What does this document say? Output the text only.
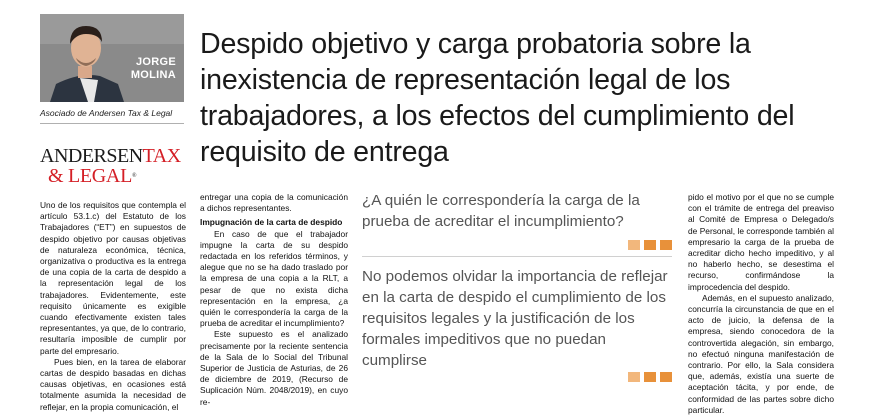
JORGE
MOLINA
Asociado de Andersen Tax & Legal
ANDERSENTAX
& LEGAL®
Despido objetivo y carga probatoria sobre la inexistencia de representación legal de los trabajadores, a los efectos del cumplimiento del requisito de entrega

Uno de los requisitos que contempla el artículo 53.1.c) del Estatuto de los Trabajadores (“ET”) en supuestos de despido objetivo por causas objetivas de naturaleza económica, técnica, organizativa o productiva es la entrega de una copia de la carta de despido a la representación legal de los trabajadores. Evidentemente, este requisito únicamente es exigible cuando efectivamente existen tales representantes, ya que, de lo contrario, resultaría imposible de cumplir por parte del empresario.

Pues bien, en la tarea de elaborar cartas de despido basadas en dichas causas objetivas, en ocasiones está totalmente asumida la necesidad de reflejar, en la propia comunicación, el

entregar una copia de la comunicación a dichos representantes.

Impugnación de la carta de despido

En caso de que el trabajador impugne la carta de su despido redactada en los referidos términos, y alegue que no se ha dado traslado por la empresa de una copia a la RLT, a pesar de que no exista dicha representación en la empresa, ¿a quién le correspondería la carga de la prueba de acreditar el incumplimiento?

Este supuesto es el analizado precisamente por la reciente sentencia de la Sala de lo Social del Tribunal Superior de Justicia de Asturias, de 26 de diciembre de 2019, (Recurso de Suplicación Núm. 2048/2019), en cuyo re-

¿A quién le correspondería la carga de la prueba de acreditar el incumplimiento?
No podemos olvidar la importancia de reflejar en la carta de despido el cumplimiento de los requisitos legales y la justificación de los formales impeditivos que no puedan cumplirse

pido el motivo por el que no se cumple con el trámite de entrega del preaviso al Comité de Empresa o Delegado/s de Personal, le corresponde también al empresario la carga de la prueba de acreditar dicho hecho impeditivo, y al no haberlo hecho, se desestima el recurso, confirmándose la improcedencia del despido.

Además, en el supuesto analizado, concurría la circunstancia de que en el acto de juicio, la defensa de la empresa, siendo conocedora de la controvertida alegación, sin embargo, no efectuó ninguna manifestación de contrario. Por ello, la Sala considera que, además, existía una suerte de aceptación tácita, y por ende, de conformidad de las partes sobre dicho particular.
